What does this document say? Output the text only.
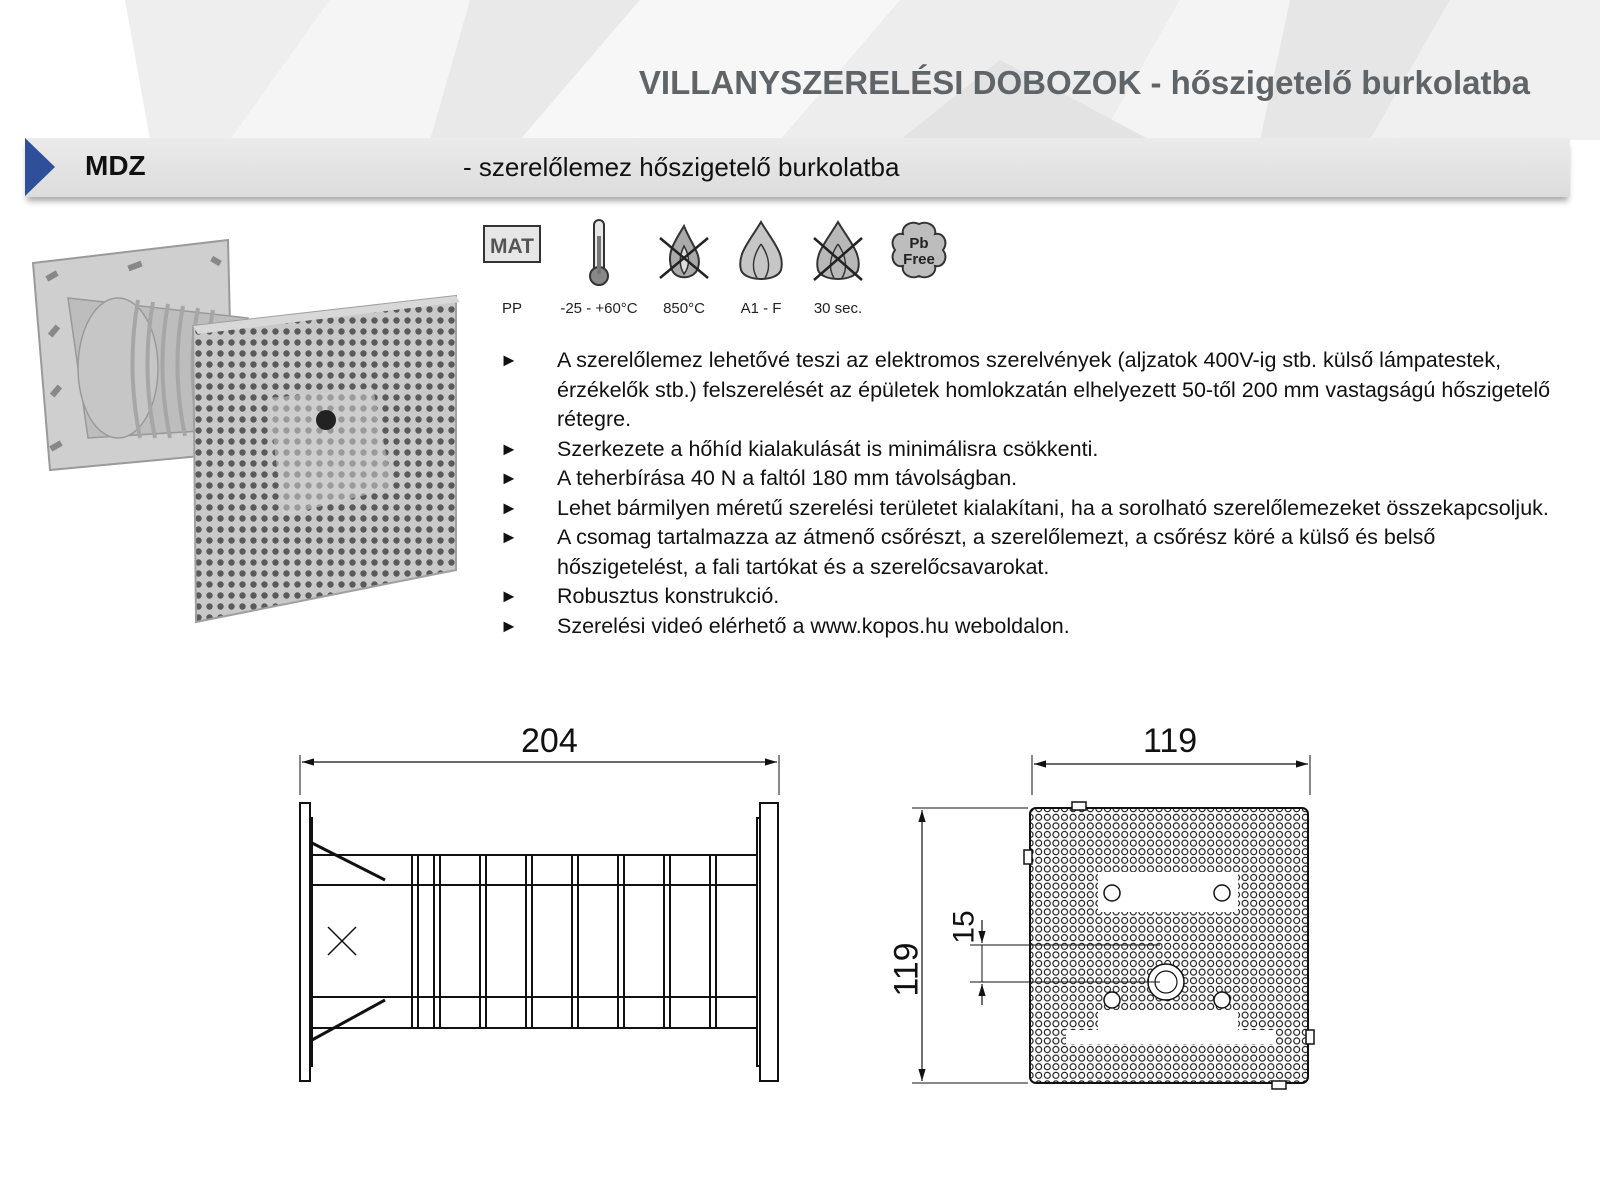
VILLANYSZERELÉSI DOBOZOK - hőszigetelő burkolatba
MDZ	- szerelőlemez hőszigetelő burkolatba
MAT
PP	-25 - +60°C	850°C	A1 - F	30 sec.
Pb
Free
► A szerelőlemez lehetővé teszi az elektromos szerelvények (aljzatok 400V-ig stb. külső lámpatestek, érzékelők stb.) felszerelését az épületek homlokzatán elhelyezett 50-től 200 mm vastagságú hőszigetelő rétegre.
► Szerkezete a hőhíd kialakulását is minimálisra csökkenti.
► A teherbírása 40 N a faltól 180 mm távolságban.
► Lehet bármilyen méretű szerelési területet kialakítani, ha a sorolható szerelőlemezeket összekapcsoljuk.
► A csomag tartalmazza az átmenő csőrészt, a szerelőlemezt, a csőrész köré a külső és belső hőszigetelést, a fali tartókat és a szerelőcsavarokat.
► Robusztus konstrukció.
► Szerelési videó elérhető a www.kopos.hu weboldalon.
204	119
119
15
